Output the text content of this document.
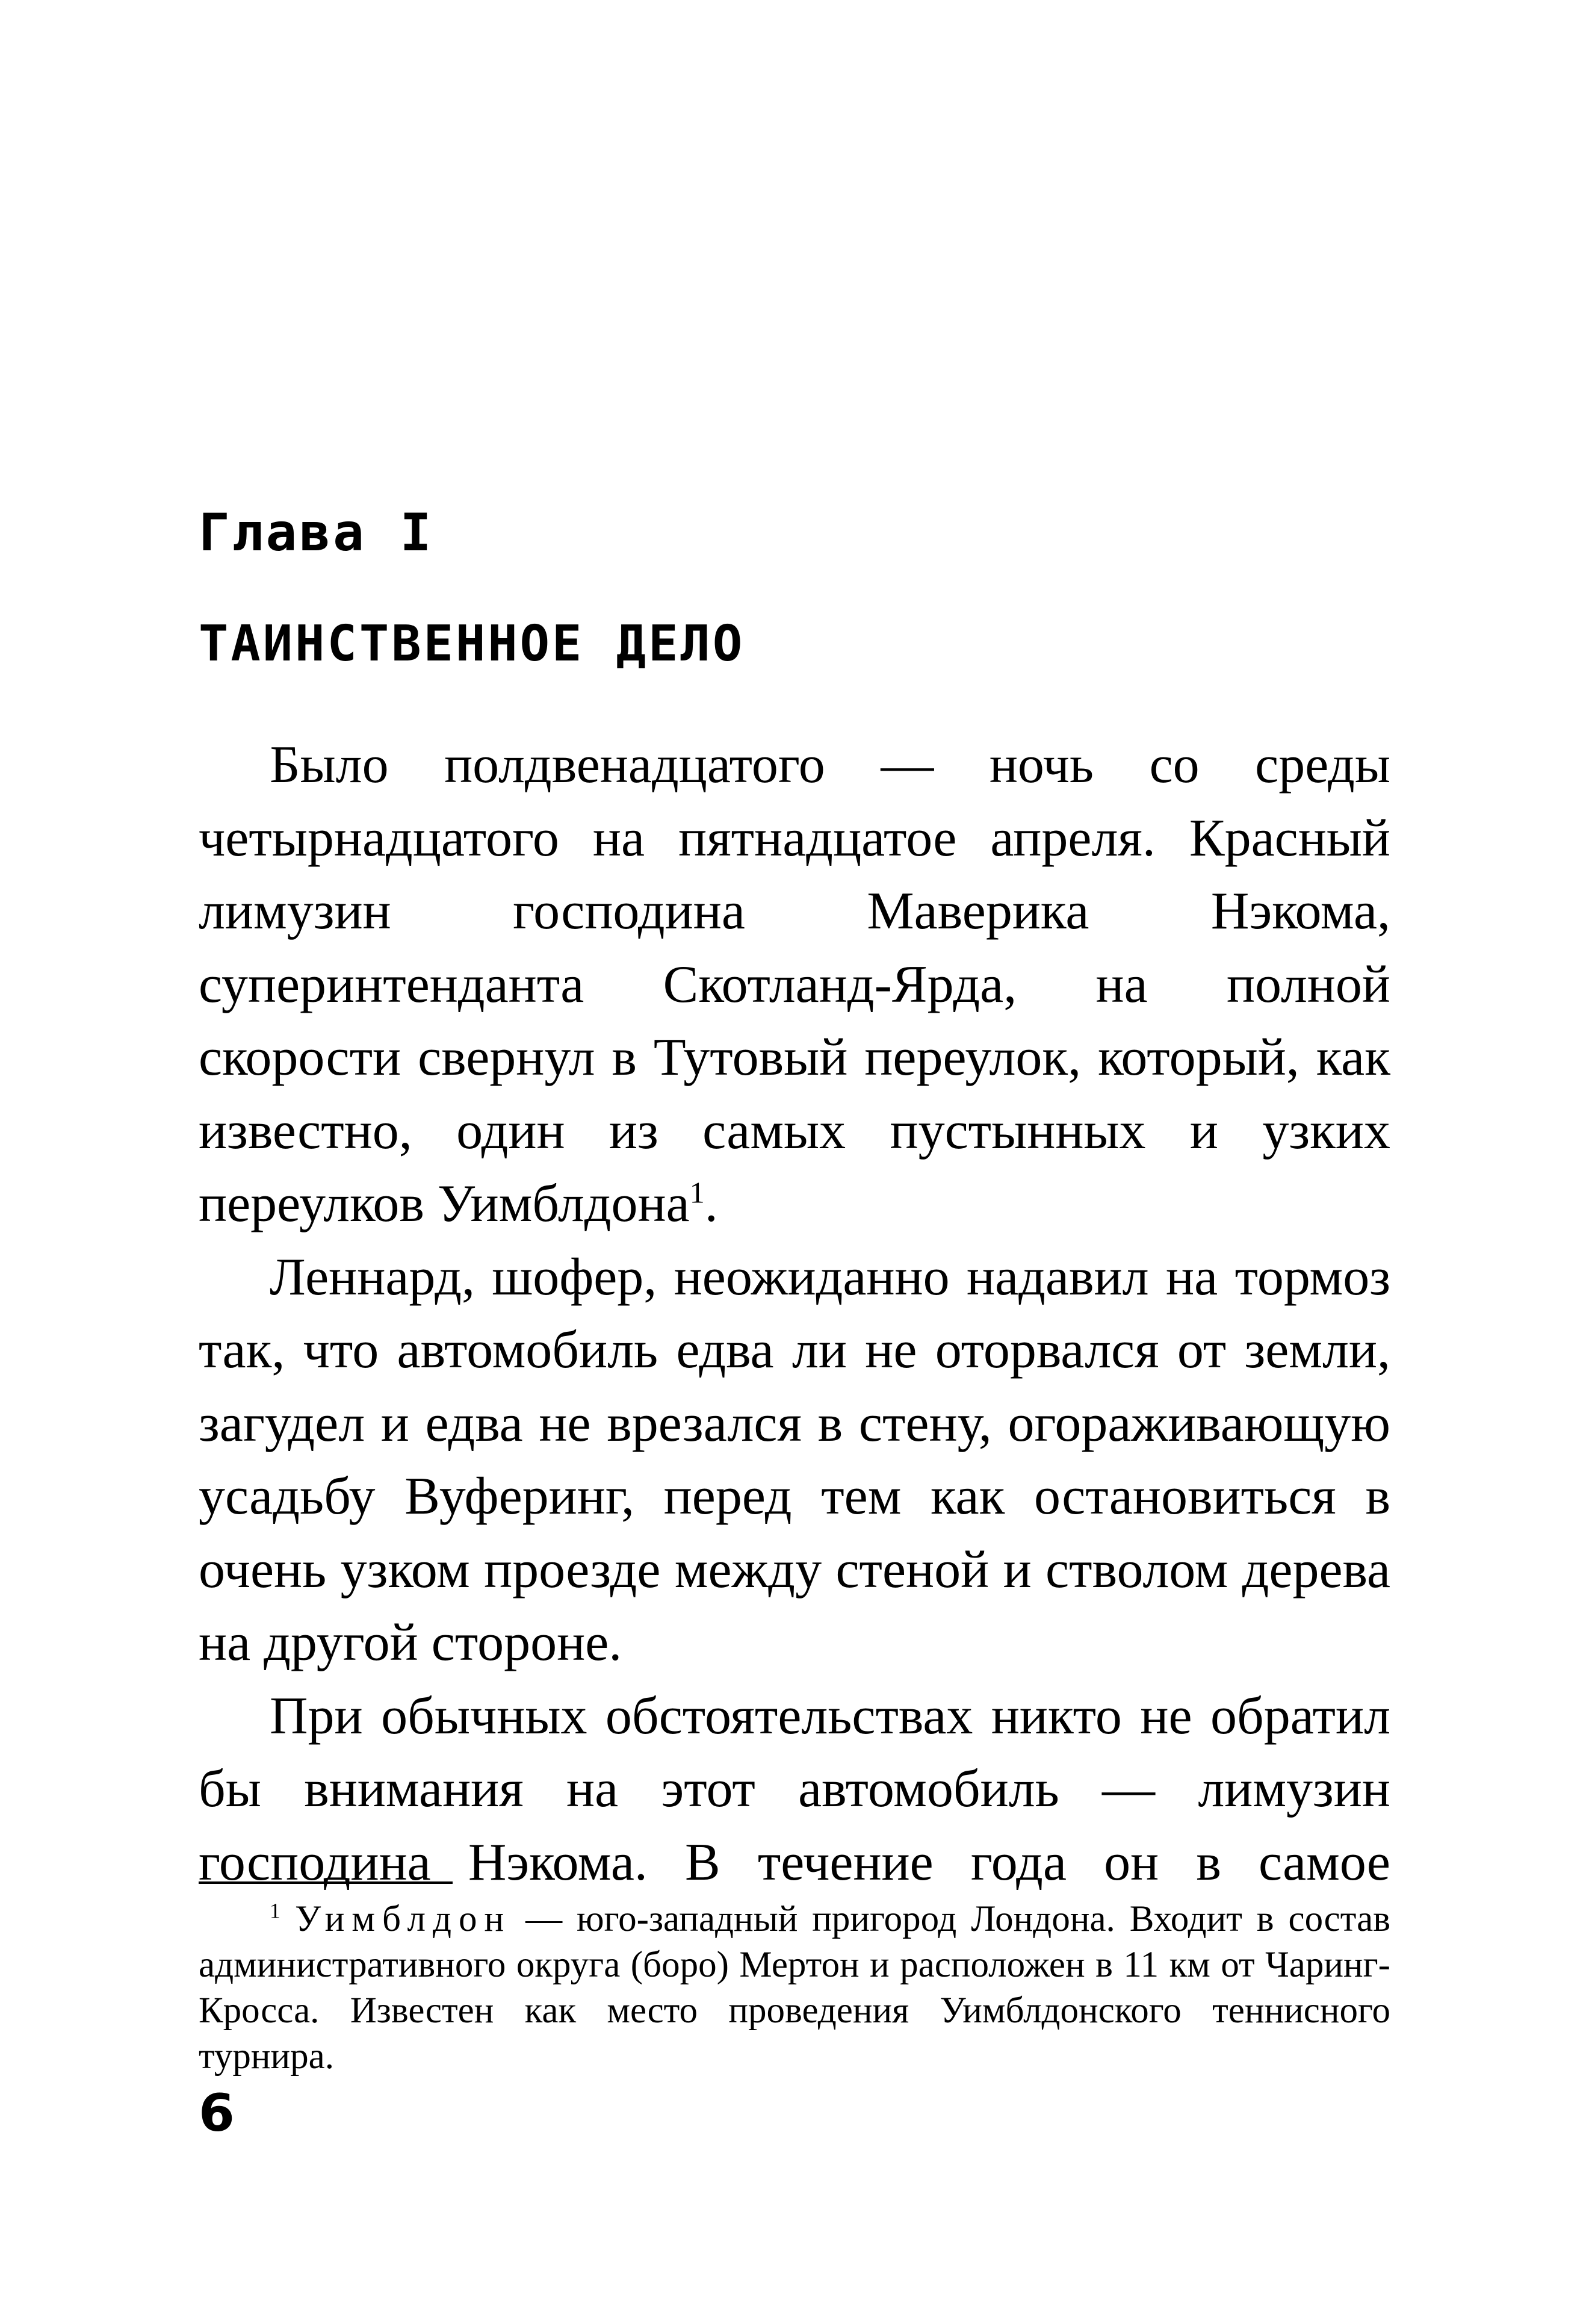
Глава I
ТАИНСТВЕННОЕ ДЕЛО

Было полдвенадцатого — ночь со среды четырнадцатого на пятнадцатое апреля. Красный лимузин господина Маверика Нэкома, суперинтенданта Скотланд-Ярда, на полной скорости свернул в Тутовый переулок, который, как известно, один из самых пустынных и узких переулков Уимблдона$^1$.

Леннард, шофер, неожиданно надавил на тормоз так, что автомобиль едва ли не оторвался от земли, загудел и едва не врезался в стену, огораживающую усадьбу Вуферинг, перед тем как остановиться в очень узком проезде между стеной и стволом дерева на другой стороне.

При обычных обстоятельствах никто не обратил бы внимания на этот автомобиль — лимузин господина Нэкома. В течение года он в самое

$^1$ Уимблдон — юго-западный пригород Лондона. Входит в состав административного округа (боро) Мертон и расположен в 11 км от Чаринг-Кросса. Известен как место проведения Уимблдонского теннисного турнира.
6
